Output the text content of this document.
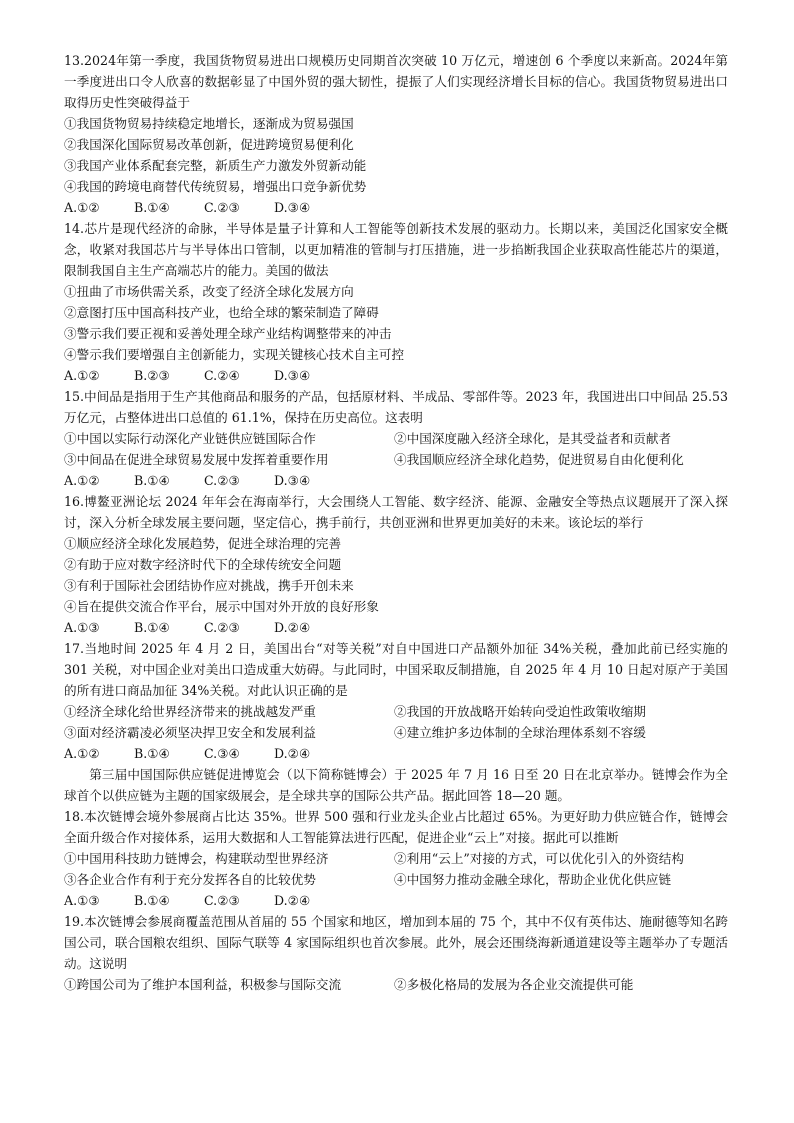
13.2024年第一季度，我国货物贸易进出口规模历史同期首次突破 10 万亿元，增速创 6 个季度以来新高。2024年第一季度进出口令人欣喜的数据彰显了中国外贸的强大韧性，提振了人们实现经济增长目标的信心。我国货物贸易进出口取得历史性突破得益于
①我国货物贸易持续稳定地增长，逐渐成为贸易强国
②我国深化国际贸易改革创新，促进跨境贸易便利化
③我国产业体系配套完整，新质生产力激发外贸新动能
④我国的跨境电商替代传统贸易，增强出口竞争新优势
A.①②	B.①④	C.②③	D.③④
14.芯片是现代经济的命脉，半导体是量子计算和人工智能等创新技术发展的驱动力。长期以来，美国泛化国家安全概念，收紧对我国芯片与半导体出口管制，以更加精准的管制与打压措施，进一步掐断我国企业获取高性能芯片的渠道，限制我国自主生产高端芯片的能力。美国的做法
①扭曲了市场供需关系，改变了经济全球化发展方向
②意图打压中国高科技产业，也给全球的繁荣制造了障碍
③警示我们要正视和妥善处理全球产业结构调整带来的冲击
④警示我们要增强自主创新能力，实现关键核心技术自主可控
A.①②	B.②③	C.②④	D.③④
15.中间品是指用于生产其他商品和服务的产品，包括原材料、半成品、零部件等。2023 年，我国进出口中间品 25.53 万亿元，占整体进出口总值的 61.1%，保持在历史高位。这表明
①中国以实际行动深化产业链供应链国际合作	②中国深度融入经济全球化，是其受益者和贡献者
③中间品在促进全球贸易发展中发挥着重要作用	④我国顺应经济全球化趋势，促进贸易自由化便利化
A.①②	B.①④	C.②③	D.③④
16.博鳌亚洲论坛 2024 年年会在海南举行，大会围绕人工智能、数字经济、能源、金融安全等热点议题展开了深入探讨，深入分析全球发展主要问题，坚定信心，携手前行，共创亚洲和世界更加美好的未来。该论坛的举行
①顺应经济全球化发展趋势，促进全球治理的完善
②有助于应对数字经济时代下的全球传统安全问题
③有利于国际社会团结协作应对挑战，携手开创未来
④旨在提供交流合作平台，展示中国对外开放的良好形象
A.①③	B.①④	C.②③	D.②④
17.当地时间 2025 年 4 月 2 日，美国出台“对等关税”对自中国进口产品额外加征 34%关税，叠加此前已经实施的 301 关税，对中国企业对美出口造成重大妨碍。与此同时，中国采取反制措施，自 2025 年 4 月 10 日起对原产于美国的所有进口商品加征 34%关税。对此认识正确的是
①经济全球化给世界经济带来的挑战越发严重	②我国的开放战略开始转向受迫性政策收缩期
③面对经济霸凌必须坚决捍卫安全和发展利益	④建立维护多边体制的全球治理体系刻不容缓
A.①②	B.①④	C.③④	D.②④
第三届中国国际供应链促进博览会（以下简称链博会）于 2025 年 7 月 16 日至 20 日在北京举办。链博会作为全球首个以供应链为主题的国家级展会，是全球共享的国际公共产品。据此回答 18—20 题。
18.本次链博会境外参展商占比达 35%。世界 500 强和行业龙头企业占比超过 65%。为更好助力供应链合作，链博会全面升级合作对接体系，运用大数据和人工智能算法进行匹配，促进企业“云上”对接。据此可以推断
①中国用科技助力链博会，构建联动型世界经济	②利用“云上”对接的方式，可以优化引入的外资结构
③各企业合作有利于充分发挥各自的比较优势	④中国努力推动金融全球化，帮助企业优化供应链
A.①③	B.①④	C.②③	D.②④
19.本次链博会参展商覆盖范围从首届的 55 个国家和地区，增加到本届的 75 个，其中不仅有英伟达、施耐德等知名跨国公司，联合国粮农组织、国际气联等 4 家国际组织也首次参展。此外，展会还围绕海新通道建设等主题举办了专题活动。这说明
①跨国公司为了维护本国利益，积极参与国际交流	②多极化格局的发展为各企业交流提供可能
